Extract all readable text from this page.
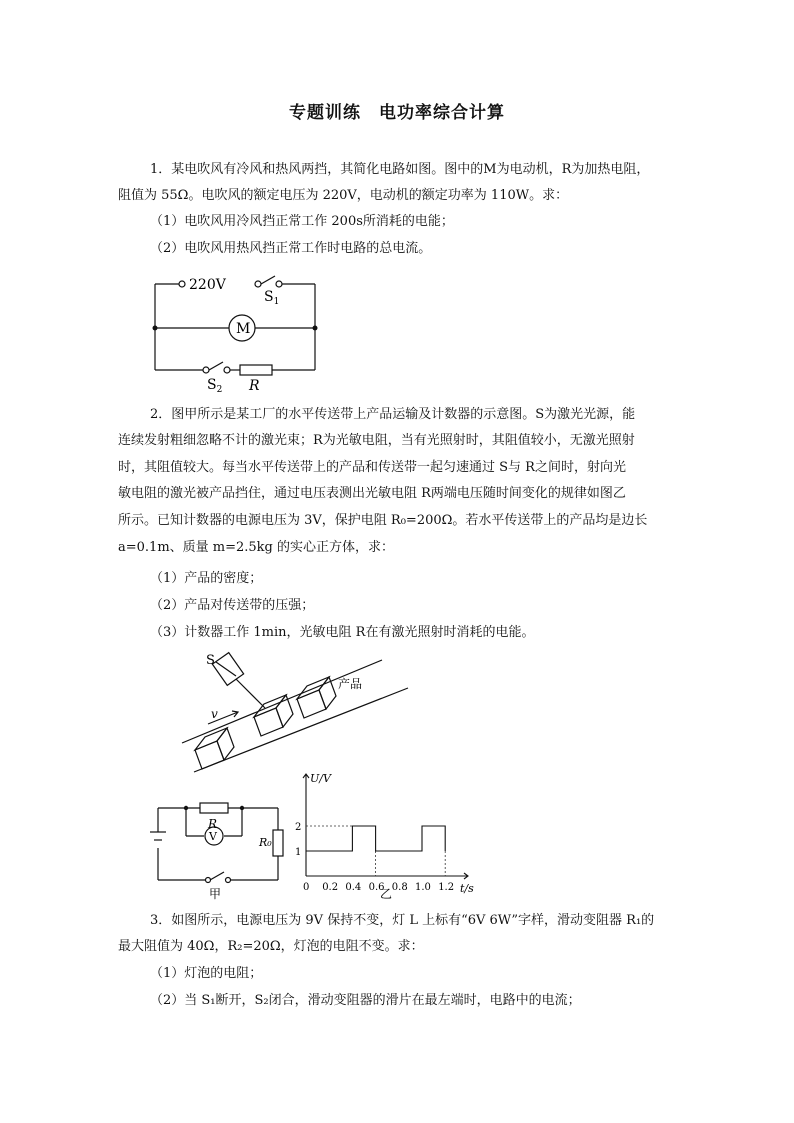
专题训练　电功率综合计算
1．某电吹风有冷风和热风两挡，其简化电路如图。图中的M为电动机，R为加热电阻，
阻值为 55Ω。电吹风的额定电压为 220V，电动机的额定功率为 110W。求：
（1）电吹风用冷风挡正常工作 200s所消耗的电能；
（2）电吹风用热风挡正常工作时电路的总电流。
220V
M
$S_1$
$S_2$ R
2．图甲所示是某工厂的水平传送带上产品运输及计数器的示意图。S为激光光源，能
连续发射粗细忽略不计的激光束；R为光敏电阻，当有光照射时，其阻值较小，无激光照射
时，其阻值较大。每当水平传送带上的产品和传送带一起匀速通过 S与 R之间时，射向光
敏电阻的激光被产品挡住，通过电压表测出光敏电阻 R两端电压随时间变化的规律如图乙
所示。已知计数器的电源电压为 3V，保护电阻 R₀=200Ω。若水平传送带上的产品均是边长
a=0.1m、质量 m=2.5kg 的实心正方体，求：
（1）产品的密度；
（2）产品对传送带的压强；
（3）计数器工作 1min，光敏电阻 R在有激光照射时消耗的电能。
S
v
产品
R
V	R₀
甲	0 0.2 0.4 0.6 0.8 1.0 1.2
1
2
U/V
t/s
乙
3．如图所示，电源电压为 9V 保持不变，灯 L 上标有“6V 6W”字样，滑动变阻器 R₁的
最大阻值为 40Ω，R₂=20Ω，灯泡的电阻不变。求：
（1）灯泡的电阻；
（2）当 S₁断开，S₂闭合，滑动变阻器的滑片在最左端时，电路中的电流；
